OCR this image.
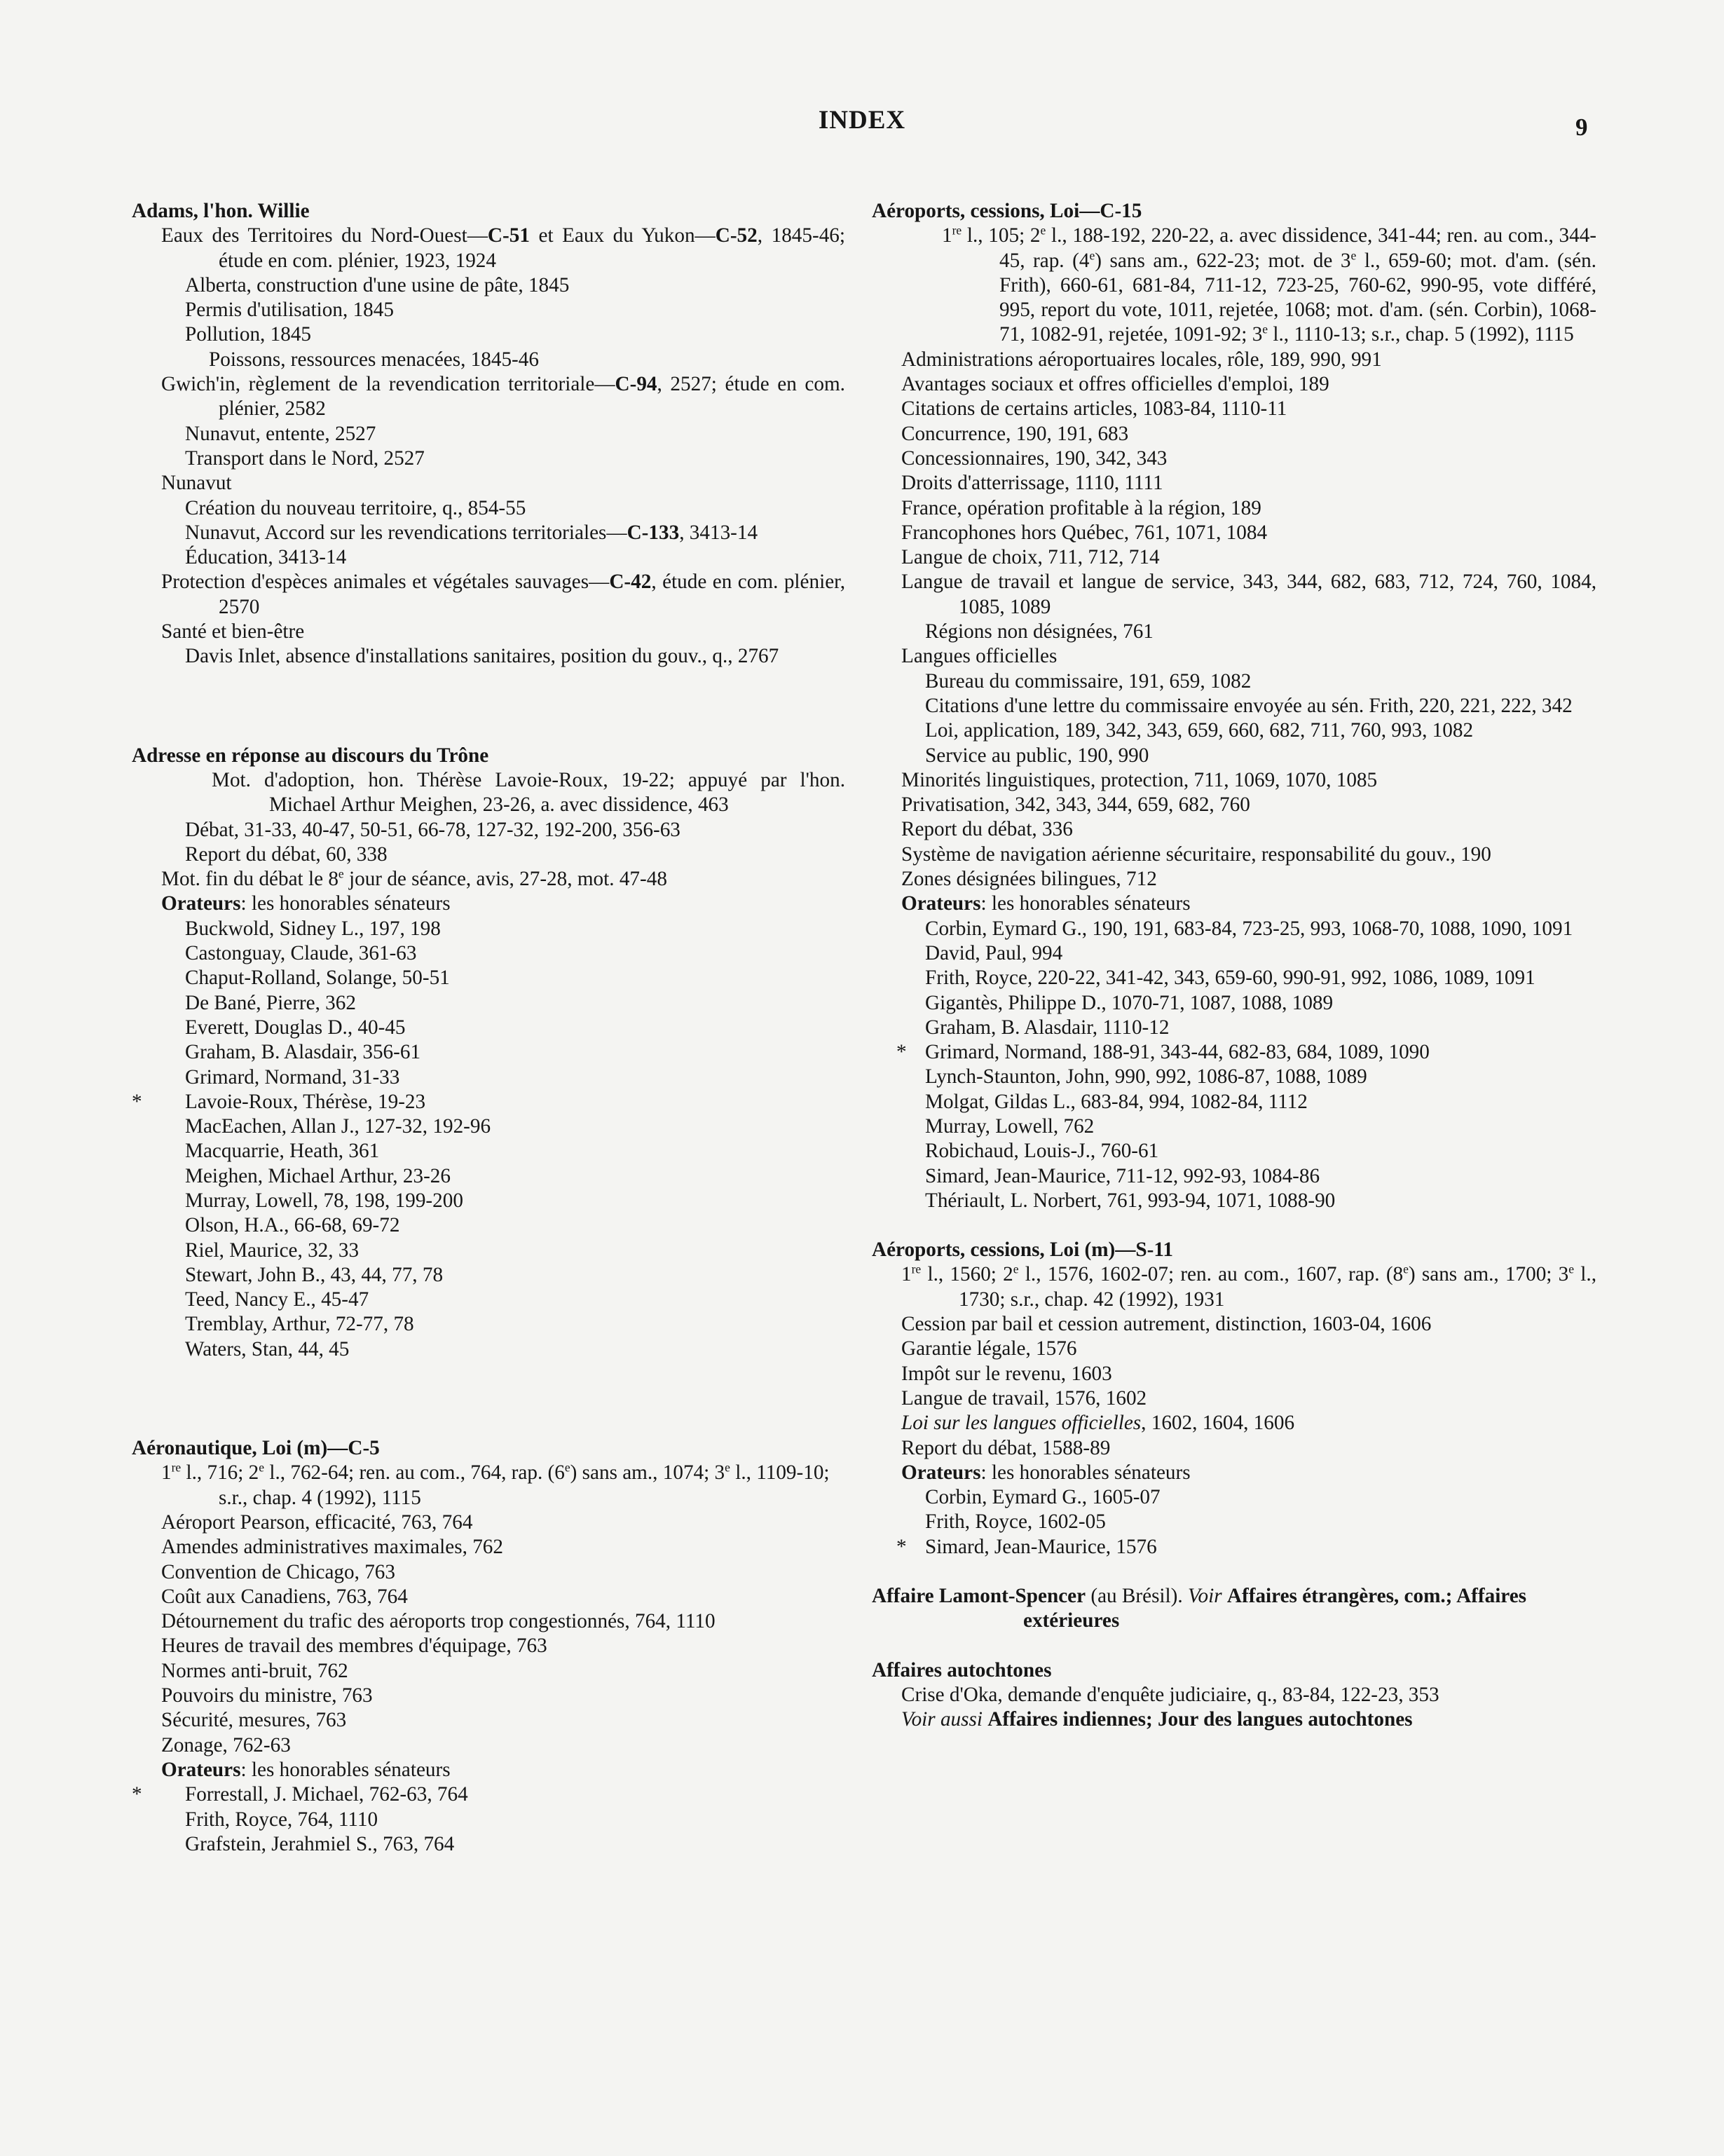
INDEX	9
Adams, l'hon. Willie
Eaux des Territoires du Nord-Ouest—C-51 et Eaux du Yukon—C-52, 1845-46; étude en com. plénier, 1923, 1924
Alberta, construction d'une usine de pâte, 1845
Permis d'utilisation, 1845
Pollution, 1845
Poissons, ressources menacées, 1845-46
Gwich'in, règlement de la revendication territoriale—C-94, 2527; étude en com. plénier, 2582
Nunavut, entente, 2527
Transport dans le Nord, 2527
Nunavut
Création du nouveau territoire, q., 854-55
Nunavut, Accord sur les revendications territoriales—C-133, 3413-14
Éducation, 3413-14
Protection d'espèces animales et végétales sauvages—C-42, étude en com. plénier, 2570
Santé et bien-être
Davis Inlet, absence d'installations sanitaires, position du gouv., q., 2767
Adresse en réponse au discours du Trône
Mot. d'adoption, hon. Thérèse Lavoie-Roux, 19-22; appuyé par l'hon. Michael Arthur Meighen, 23-26, a. avec dissidence, 463
Débat, 31-33, 40-47, 50-51, 66-78, 127-32, 192-200, 356-63
Report du débat, 60, 338
Mot. fin du débat le 8e jour de séance, avis, 27-28, mot. 47-48
Orateurs: les honorables sénateurs
Buckwold, Sidney L., 197, 198
Castonguay, Claude, 361-63
Chaput-Rolland, Solange, 50-51
De Bané, Pierre, 362
Everett, Douglas D., 40-45
Graham, B. Alasdair, 356-61
Grimard, Normand, 31-33
* Lavoie-Roux, Thérèse, 19-23
MacEachen, Allan J., 127-32, 192-96
Macquarrie, Heath, 361
Meighen, Michael Arthur, 23-26
Murray, Lowell, 78, 198, 199-200
Olson, H.A., 66-68, 69-72
Riel, Maurice, 32, 33
Stewart, John B., 43, 44, 77, 78
Teed, Nancy E., 45-47
Tremblay, Arthur, 72-77, 78
Waters, Stan, 44, 45
Aéronautique, Loi (m)—C-5
1re l., 716; 2e l., 762-64; ren. au com., 764, rap. (6e) sans am., 1074; 3e l., 1109-10; s.r., chap. 4 (1992), 1115
Aéroport Pearson, efficacité, 763, 764
Amendes administratives maximales, 762
Convention de Chicago, 763
Coût aux Canadiens, 763, 764
Détournement du trafic des aéroports trop congestionnés, 764, 1110
Heures de travail des membres d'équipage, 763
Normes anti-bruit, 762
Pouvoirs du ministre, 763
Sécurité, mesures, 763
Zonage, 762-63
Orateurs: les honorables sénateurs
* Forrestall, J. Michael, 762-63, 764
Frith, Royce, 764, 1110
Grafstein, Jerahmiel S., 763, 764
Aéroports, cessions, Loi—C-15
1re l., 105; 2e l., 188-192, 220-22, a. avec dissidence, 341-44; ren. au com., 344-45, rap. (4e) sans am., 622-23; mot. de 3e l., 659-60; mot. d'am. (sén. Frith), 660-61, 681-84, 711-12, 723-25, 760-62, 990-95, vote différé, 995, report du vote, 1011, rejetée, 1068; mot. d'am. (sén. Corbin), 1068-71, 1082-91, rejetée, 1091-92; 3e l., 1110-13; s.r., chap. 5 (1992), 1115
Administrations aéroportuaires locales, rôle, 189, 990, 991
Avantages sociaux et offres officielles d'emploi, 189
Citations de certains articles, 1083-84, 1110-11
Concurrence, 190, 191, 683
Concessionnaires, 190, 342, 343
Droits d'atterrissage, 1110, 1111
France, opération profitable à la région, 189
Francophones hors Québec, 761, 1071, 1084
Langue de choix, 711, 712, 714
Langue de travail et langue de service, 343, 344, 682, 683, 712, 724, 760, 1084, 1085, 1089
Régions non désignées, 761
Langues officielles
Bureau du commissaire, 191, 659, 1082
Citations d'une lettre du commissaire envoyée au sén. Frith, 220, 221, 222, 342
Loi, application, 189, 342, 343, 659, 660, 682, 711, 760, 993, 1082
Service au public, 190, 990
Minorités linguistiques, protection, 711, 1069, 1070, 1085
Privatisation, 342, 343, 344, 659, 682, 760
Report du débat, 336
Système de navigation aérienne sécuritaire, responsabilité du gouv., 190
Zones désignées bilingues, 712
Orateurs: les honorables sénateurs
Corbin, Eymard G., 190, 191, 683-84, 723-25, 993, 1068-70, 1088, 1090, 1091
David, Paul, 994
Frith, Royce, 220-22, 341-42, 343, 659-60, 990-91, 992, 1086, 1089, 1091
Gigantès, Philippe D., 1070-71, 1087, 1088, 1089
Graham, B. Alasdair, 1110-12
* Grimard, Normand, 188-91, 343-44, 682-83, 684, 1089, 1090
Lynch-Staunton, John, 990, 992, 1086-87, 1088, 1089
Molgat, Gildas L., 683-84, 994, 1082-84, 1112
Murray, Lowell, 762
Robichaud, Louis-J., 760-61
Simard, Jean-Maurice, 711-12, 992-93, 1084-86
Thériault, L. Norbert, 761, 993-94, 1071, 1088-90
Aéroports, cessions, Loi (m)—S-11
1re l., 1560; 2e l., 1576, 1602-07; ren. au com., 1607, rap. (8e) sans am., 1700; 3e l., 1730; s.r., chap. 42 (1992), 1931
Cession par bail et cession autrement, distinction, 1603-04, 1606
Garantie légale, 1576
Impôt sur le revenu, 1603
Langue de travail, 1576, 1602
Loi sur les langues officielles, 1602, 1604, 1606
Report du débat, 1588-89
Orateurs: les honorables sénateurs
Corbin, Eymard G., 1605-07
Frith, Royce, 1602-05
* Simard, Jean-Maurice, 1576
Affaire Lamont-Spencer (au Brésil). Voir Affaires étrangères, com.; Affaires extérieures
Affaires autochtones
Crise d'Oka, demande d'enquête judiciaire, q., 83-84, 122-23, 353
Voir aussi Affaires indiennes; Jour des langues autochtones
